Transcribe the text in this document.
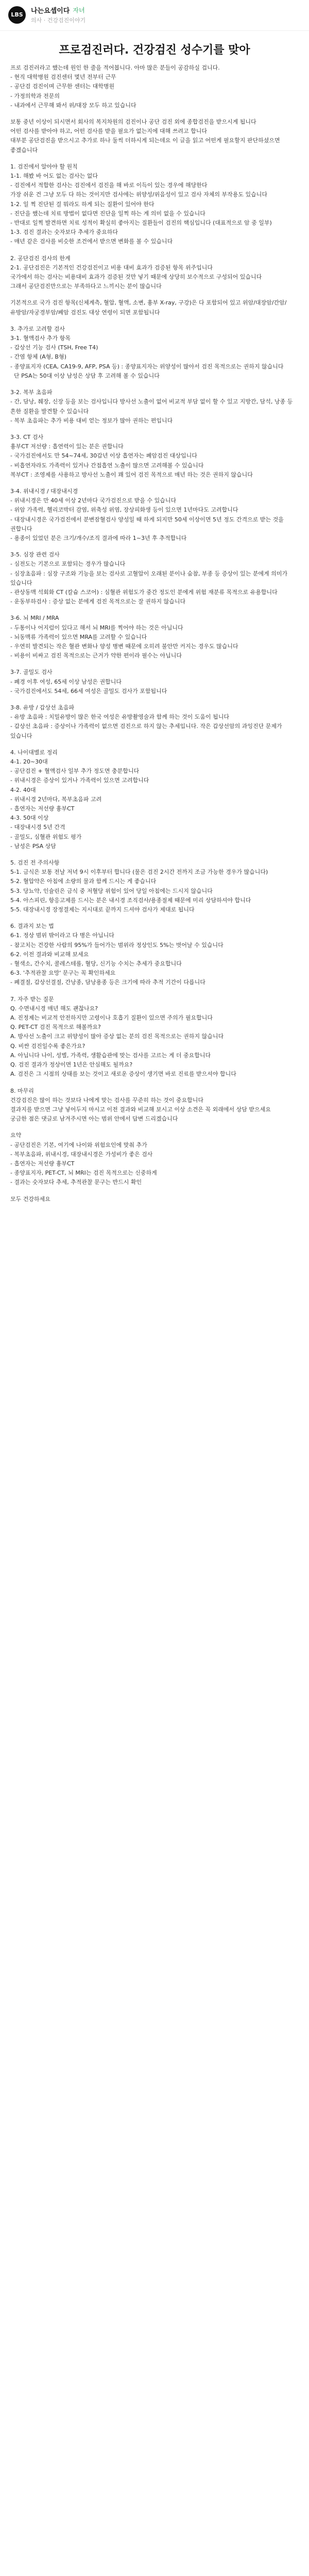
LBS	나는요셉이다 자녀
의사 · 건강검진이야기
프로검진러다. 건강검진 성수기를 맞아

프로 검진러라고 했는데 원인 한 줄을 적어봅니다. 아마 많은 분들이 공감하실 겁니다.

- 현직 대학병원 검진센터 몇년 전부터 근무

- 공단검 검진이며 근무한 센터는 대학병원

- 가정의학과 전문의

- 내과에서 근무해 봐서 위/대장 모두 하고 있습니다

보통 중년 이상이 되시면서 회사의 복지차원의 검진이나 공단 검진 외에 종합검진을 받으시게 됩니다

어떤 검사를 받아야 하고, 어떤 검사를 받을 필요가 없는지에 대해 쓰려고 합니다

대부분 공단검진을 받으시고 추가로 하나 둘씩 더하시게 되는데요 이 글을 읽고 어떤게 필요할지 판단하셨으면 좋겠습니다

1. 검진에서 알아야 할 원칙

1-1. 해봤 바 어도 없는 검사는 없다

- 검진에서 적합한 검사는 검진에서 검진을 해 바로 이득이 있는 경우에 해당한다

가장 쉬운 건 그냥 모두 다 하는 것이지만 검사에는 위양성/위음성이 있고 검사 자체의 부작용도 있습니다

1-2. 일 찍 진단된 걸 뭐라도 하게 되는 질환이 있어야 한다

- 진단을 했는데 치료 방법이 없다면 진단을 일찍 하는 게 의미 없을 수 있습니다

- 반대로 일찍 발견하면 치료 성적이 확실히 좋아지는 질환들이 검진의 핵심입니다 (대표적으로 암 중 일부)

1-3. 검진 결과는 숫자보다 추세가 중요하다

- 매년 같은 검사를 비슷한 조건에서 받으면 변화를 볼 수 있습니다

2. 공단검진 검사의 한계

2-1. 공단검진은 기본적인 건강검진이고 비용 대비 효과가 검증된 항목 위주입니다

국가에서 하는 검사는 비용대비 효과가 검증된 것만 넣기 때문에 상당히 보수적으로 구성되어 있습니다

그래서 공단검진만으로는 부족하다고 느끼시는 분이 많습니다

기본적으로 국가 검진 항목(신체계측, 혈압, 혈액, 소변, 흉부 X-ray, 구강)은 다 포함되어 있고 위암/대장암/간암/유방암/자궁경부암/폐암 검진도 대상 연령이 되면 포함됩니다

3. 추가로 고려할 검사

3-1. 혈액검사 추가 항목

- 갑상선 기능 검사 (TSH, Free T4)

- 간염 항체 (A형, B형)

- 종양표지자 (CEA, CA19-9, AFP, PSA 등) : 종양표지자는 위양성이 많아서 검진 목적으로는 권하지 않습니다

단 PSA는 50대 이상 남성은 상담 후 고려해 볼 수 있습니다

3-2. 복부 초음파

- 간, 담낭, 췌장, 신장 등을 보는 검사입니다 방사선 노출이 없어 비교적 부담 없이 할 수 있고 지방간, 담석, 낭종 등 흔한 질환을 발견할 수 있습니다

- 복부 초음파는 추가 비용 대비 얻는 정보가 많아 권하는 편입니다

3-3. CT 검사

흉부CT 저선량 : 흡연력이 있는 분은 권합니다

- 국가검진에서도 만 54~74세, 30갑년 이상 흡연자는 폐암검진 대상입니다

- 비흡연자라도 가족력이 있거나 간접흡연 노출이 많으면 고려해볼 수 있습니다

복부CT : 조영제를 사용하고 방사선 노출이 꽤 있어 검진 목적으로 매년 하는 것은 권하지 않습니다

3-4. 위내시경 / 대장내시경

- 위내시경은 만 40세 이상 2년마다 국가검진으로 받을 수 있습니다

- 위암 가족력, 헬리코박터 감염, 위축성 위염, 장상피화생 등이 있으면 1년마다도 고려합니다

- 대장내시경은 국가검진에서 분변잠혈검사 양성일 때 하게 되지만 50세 이상이면 5년 정도 간격으로 받는 것을 권합니다

- 용종이 있었던 분은 크기/개수/조직 결과에 따라 1~3년 후 추적합니다

3-5. 심장 관련 검사

- 심전도는 기본으로 포함되는 경우가 많습니다

- 심장초음파 : 심장 구조와 기능을 보는 검사로 고혈압이 오래된 분이나 숨참, 부종 등 증상이 있는 분에게 의미가 있습니다

- 관상동맥 석회화 CT (칼슘 스코어) : 심혈관 위험도가 중간 정도인 분에게 위험 재분류 목적으로 유용합니다

- 운동부하검사 : 증상 없는 분에게 검진 목적으로는 잘 권하지 않습니다

3-6. 뇌 MRI / MRA

- 두통이나 어지럼이 있다고 해서 뇌 MRI를 찍어야 하는 것은 아닙니다

- 뇌동맥류 가족력이 있으면 MRA를 고려할 수 있습니다

- 우연히 발견되는 작은 혈관 변화나 양성 병변 때문에 오히려 불안만 커지는 경우도 많습니다

- 비용이 비싸고 검진 목적으로는 근거가 약한 편이라 필수는 아닙니다

3-7. 골밀도 검사

- 폐경 이후 여성, 65세 이상 남성은 권합니다

- 국가검진에서도 54세, 66세 여성은 골밀도 검사가 포함됩니다

3-8. 유방 / 갑상선 초음파

- 유방 초음파 : 치밀유방이 많은 한국 여성은 유방촬영술과 함께 하는 것이 도움이 됩니다

- 갑상선 초음파 : 증상이나 가족력이 없으면 검진으로 하지 않는 추세입니다. 작은 갑상선암의 과잉진단 문제가 있습니다

4. 나이대별로 정리

4-1. 20~30대

- 공단검진 + 혈액검사 일부 추가 정도면 충분합니다

- 위내시경은 증상이 있거나 가족력이 있으면 고려합니다

4-2. 40대

- 위내시경 2년마다, 복부초음파 고려

- 흡연자는 저선량 흉부CT

4-3. 50대 이상

- 대장내시경 5년 간격

- 골밀도, 심혈관 위험도 평가

- 남성은 PSA 상담

5. 검진 전 주의사항

5-1. 금식은 보통 전날 저녁 9시 이후부터 합니다 (물은 검진 2시간 전까지 조금 가능한 경우가 많습니다)

5-2. 혈압약은 아침에 소량의 물과 함께 드시는 게 좋습니다

5-3. 당뇨약, 인슐린은 금식 중 저혈당 위험이 있어 당일 아침에는 드시지 않습니다

5-4. 아스피린, 항응고제를 드시는 분은 내시경 조직검사/용종절제 때문에 미리 상담하셔야 합니다

5-5. 대장내시경 장정결제는 지시대로 끝까지 드셔야 검사가 제대로 됩니다

6. 결과지 보는 법

6-1. 정상 범위 밖이라고 다 병은 아닙니다

- 참고치는 건강한 사람의 95%가 들어가는 범위라 정상인도 5%는 벗어날 수 있습니다

6-2. 이전 결과와 비교해 보세요

- 혈색소, 간수치, 콜레스테롤, 혈당, 신기능 수치는 추세가 중요합니다

6-3. '추적관찰 요망' 문구는 꼭 확인하세요

- 폐결절, 갑상선결절, 간낭종, 담낭용종 등은 크기에 따라 추적 기간이 다릅니다

7. 자주 받는 질문

Q. 수면내시경 매년 해도 괜찮나요?

A. 진정제는 비교적 안전하지만 고령이나 호흡기 질환이 있으면 주의가 필요합니다

Q. PET-CT 검진 목적으로 해볼까요?

A. 방사선 노출이 크고 위양성이 많아 증상 없는 분의 검진 목적으로는 권하지 않습니다

Q. 비싼 검진일수록 좋은가요?

A. 아닙니다 나이, 성별, 가족력, 생활습관에 맞는 검사를 고르는 게 더 중요합니다

Q. 검진 결과가 정상이면 1년은 안심해도 될까요?

A. 검진은 그 시점의 상태를 보는 것이고 새로운 증상이 생기면 바로 진료를 받으셔야 합니다

8. 마무리

건강검진은 많이 하는 것보다 나에게 맞는 검사를 꾸준히 하는 것이 중요합니다

결과지를 받으면 그냥 넣어두지 마시고 이전 결과와 비교해 보시고 이상 소견은 꼭 외래에서 상담 받으세요

궁금한 점은 댓글로 남겨주시면 아는 범위 안에서 답변 드리겠습니다

요약

- 공단검진은 기본, 여기에 나이와 위험요인에 맞춰 추가

- 복부초음파, 위내시경, 대장내시경은 가성비가 좋은 검사

- 흡연자는 저선량 흉부CT

- 종양표지자, PET-CT, 뇌 MRI는 검진 목적으로는 신중하게

- 결과는 숫자보다 추세, 추적관찰 문구는 반드시 확인

모두 건강하세요
